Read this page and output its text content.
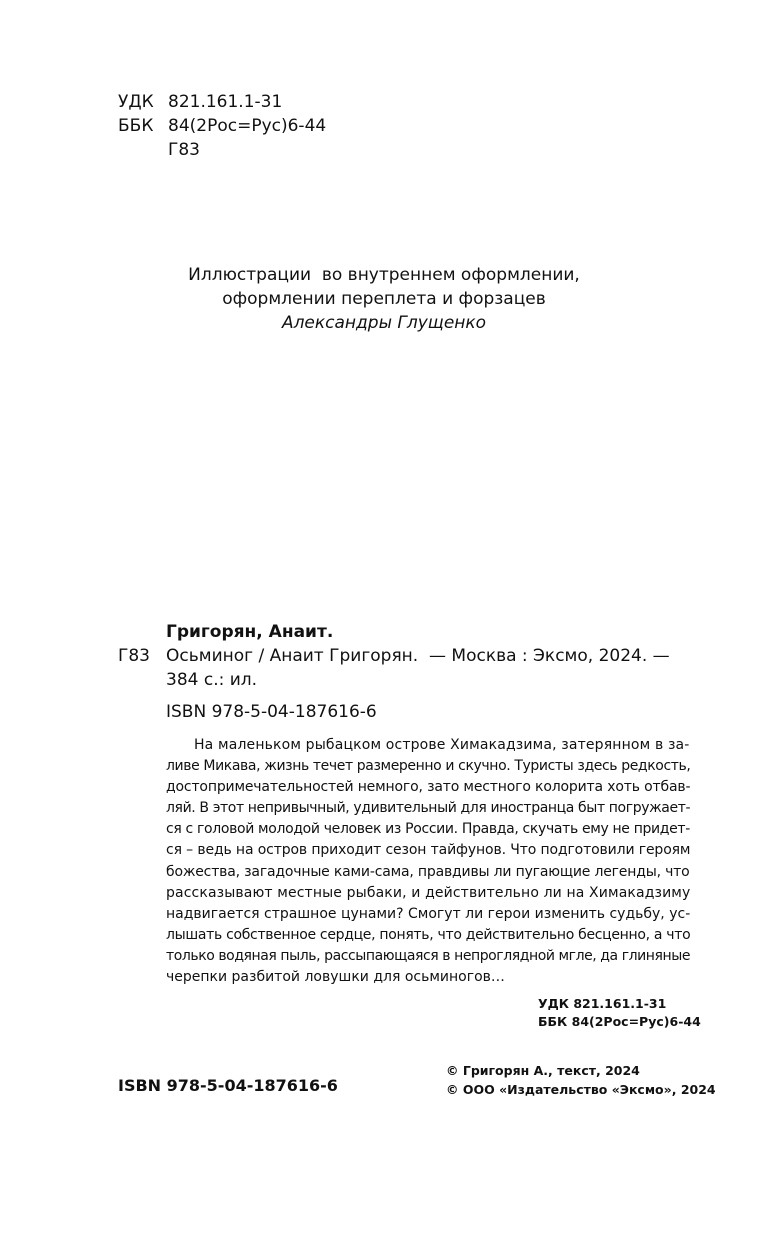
УДК 821.161.1-31
ББК 84(2Рос=Рус)6-44
Г83
Иллюстрации  во внутреннем оформлении,
оформлении переплета и форзацев
Александры Глущенко
Григорян, Анаит.
Г83 Осьминог / Анаит Григорян.  — Москва : Эксмо, 2024. —
384 с.: ил.
ISBN 978-5-04-187616-6
На маленьком рыбацком острове Химакадзима, затерянном в за-
ливе Микава, жизнь течет размеренно и скучно. Туристы здесь редкость,
достопримечательностей немного, зато местного колорита хоть отбав-
ляй. В этот непривычный, удивительный для иностранца быт погружает-
ся с головой молодой человек из России. Правда, скучать ему не придет-
ся – ведь на остров приходит сезон тайфунов. Что подготовили героям
божества, загадочные ками-сама, правдивы ли пугающие легенды, что
рассказывают местные рыбаки, и действительно ли на Химакадзиму
надвигается страшное цунами? Смогут ли герои изменить судьбу, ус-
лышать собственное сердце, понять, что действительно бесценно, а что
только водяная пыль, рассыпающаяся в непроглядной мгле, да глиняные
черепки разбитой ловушки для осьминогов…
УДК 821.161.1-31
ББК 84(2Рос=Рус)6-44
ISBN 978-5-04-187616-6
© Григорян А., текст, 2024
© ООО «Издательство «Эксмо», 2024
